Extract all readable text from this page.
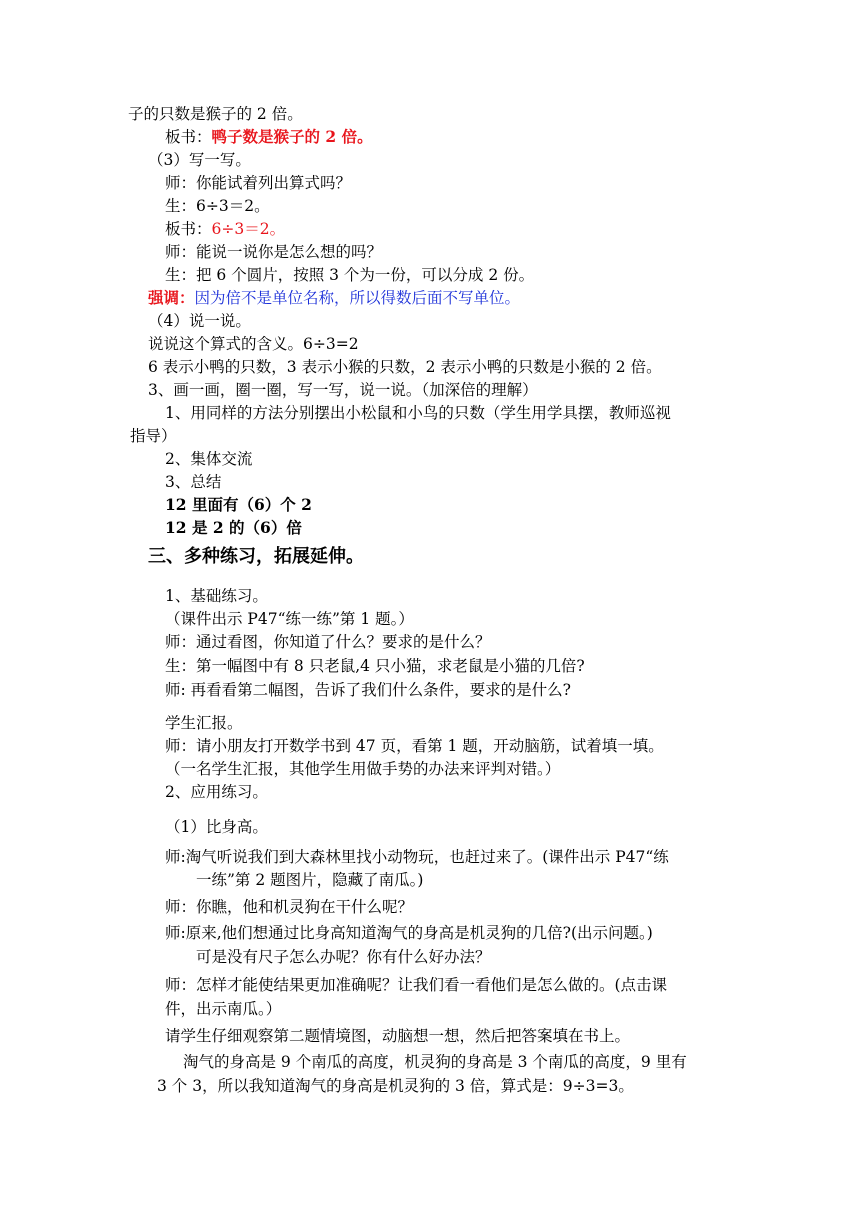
子的只数是猴子的 2 倍。
板书：鸭子数是猴子的 2 倍。
（3）写一写。
师：你能试着列出算式吗？
生：6÷3＝2。
板书：6÷3＝2。
师：能说一说你是怎么想的吗？
生：把 6 个圆片，按照 3 个为一份，可以分成 2 份。
强调：因为倍不是单位名称，所以得数后面不写单位。
（4）说一说。
说说这个算式的含义。6÷3=2
6 表示小鸭的只数，3 表示小猴的只数，2 表示小鸭的只数是小猴的 2 倍。
3、画一画，圈一圈，写一写，说一说。（加深倍的理解）
1、用同样的方法分别摆出小松鼠和小鸟的只数（学生用学具摆，教师巡视
指导）
2、集体交流
3、总结
12 里面有（6）个 2
12 是 2 的（6）倍
三、多种练习，拓展延伸。
1、基础练习。
（课件出示 P47“练一练”第 1 题。）
师：通过看图，你知道了什么？要求的是什么？
生：第一幅图中有 8 只老鼠,4 只小猫，求老鼠是小猫的几倍?
师: 再看看第二幅图，告诉了我们什么条件，要求的是什么?
学生汇报。
师：请小朋友打开数学书到 47 页，看第 1 题，开动脑筋，试着填一填。
（一名学生汇报，其他学生用做手势的办法来评判对错。）
2、应用练习。
（1）比身高。
师:淘气听说我们到大森林里找小动物玩，也赶过来了。(课件出示 P47“练
一练”第 2 题图片，隐藏了南瓜。)
师：你瞧，他和机灵狗在干什么呢？
师:原来,他们想通过比身高知道淘气的身高是机灵狗的几倍?(出示问题。)
可是没有尺子怎么办呢？你有什么好办法？
师：怎样才能使结果更加准确呢？让我们看一看他们是怎么做的。(点击课
件，出示南瓜。）
请学生仔细观察第二题情境图，动脑想一想，然后把答案填在书上。
淘气的身高是 9 个南瓜的高度，机灵狗的身高是 3 个南瓜的高度，9 里有
3 个 3，所以我知道淘气的身高是机灵狗的 3 倍，算式是：9÷3=3。
